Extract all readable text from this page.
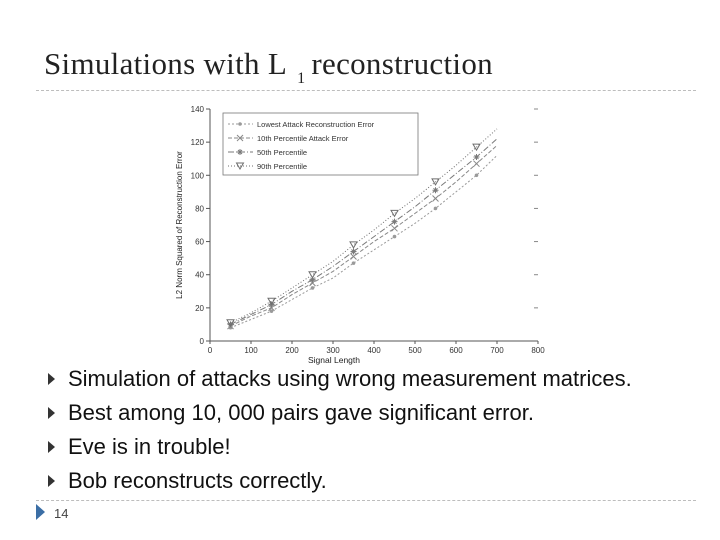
Simulations with L $_1$ reconstruction
0
20
40
60
80
100
120
140
0	100	200	300	400	500	600	700	800
Signal Length
L2 Norm Squared of Reconstruction Error
Lowest Attack Reconstruction Error
10th Percentile Attack Error
50th Percentile
90th Percentile
Simulation of attacks using wrong measurement matrices.
Best among 10, 000 pairs gave significant error.
Eve is in trouble!
Bob reconstructs correctly.
14
